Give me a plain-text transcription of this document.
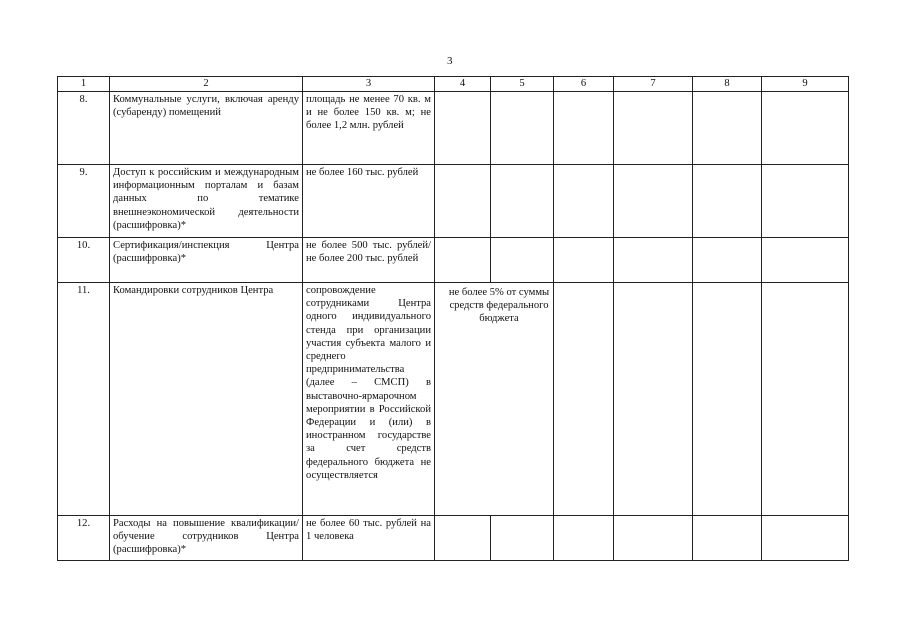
3
1	2	3	4	5	6	7	8	9
8.	Коммунальные услуги, включая аренду (субаренду) помещений	площадь не менее 70 кв. м и не более 150 кв. м; не более 1,2 млн. рублей						
9.	Доступ к российским и международным информационным порталам и базам данных по тематике внешнеэкономической деятельности (расшифровка)*	не более 160 тыс. рублей						
10.	Сертификация/инспекция Центра (расшифровка)*	не более 500 тыс. рублей/не более 200 тыс. рублей						
11.	Командировки сотрудников Центра	сопровождение сотрудниками Центра одного индивидуального стенда при организации участия субъекта малого и среднего предпринимательства (далее – СМСП) в выставочно-ярмарочном мероприятии в Российской Федерации и (или) в иностранном государстве за счет средств федерального бюджета не осуществляется	не более 5% от суммы средств федерального бюджета					
12.	Расходы на повышение квалификации/обучение сотрудников Центра (расшифровка)*	не более 60 тыс. рублей на 1 человека						
